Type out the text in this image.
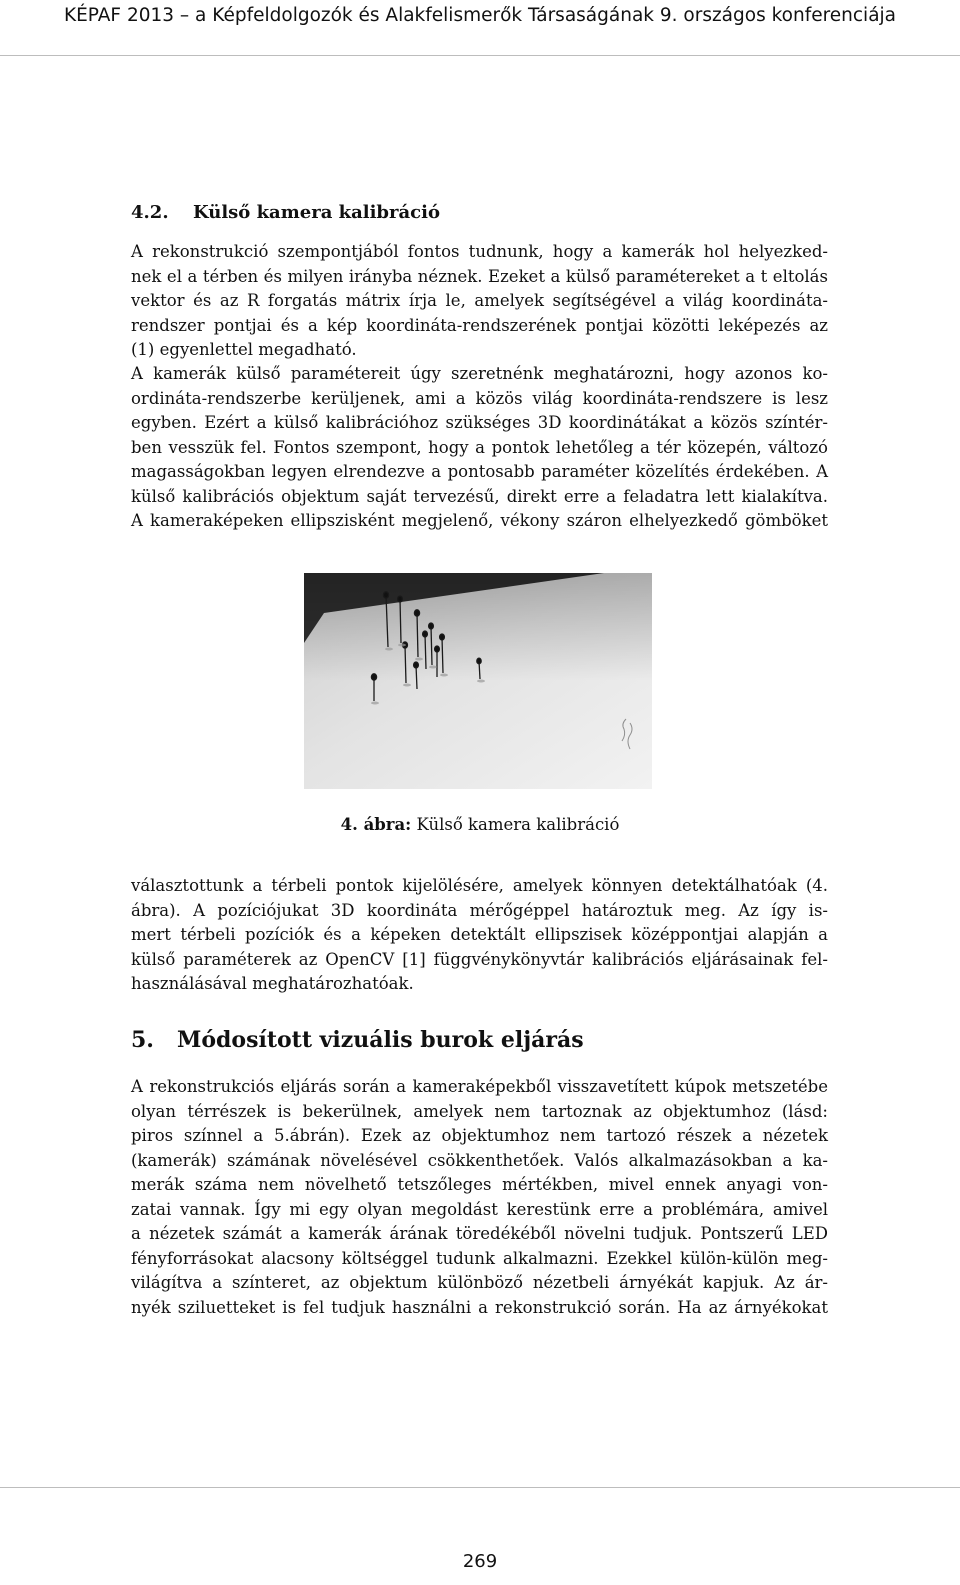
KÉPAF 2013 – a Képfeldolgozók és Alakfelismerők Társaságának 9. országos konferenciája
4.2. Külső kamera kalibráció
A rekonstrukció szempontjából fontos tudnunk, hogy a kamerák hol helyezked-
nek el a térben és milyen irányba néznek. Ezeket a külső paramétereket a t eltolás
vektor és az R forgatás mátrix írja le, amelyek segítségével a világ koordináta-
rendszer pontjai és a kép koordináta-rendszerének pontjai közötti leképezés az
(1) egyenlettel megadható.
A kamerák külső paramétereit úgy szeretnénk meghatározni, hogy azonos ko-
ordináta-rendszerbe kerüljenek, ami a közös világ koordináta-rendszere is lesz
egyben. Ezért a külső kalibrációhoz szükséges 3D koordinátákat a közös színtér-
ben vesszük fel. Fontos szempont, hogy a pontok lehetőleg a tér közepén, változó
magasságokban legyen elrendezve a pontosabb paraméter közelítés érdekében. A
külső kalibrációs objektum saját tervezésű, direkt erre a feladatra lett kialakítva.
A kameraképeken ellipszisként megjelenő, vékony száron elhelyezkedő gömböket
4. ábra: Külső kamera kalibráció
választottunk a térbeli pontok kijelölésére, amelyek könnyen detektálhatóak (4.
ábra). A pozíciójukat 3D koordináta mérőgéppel határoztuk meg. Az így is-
mert térbeli pozíciók és a képeken detektált ellipszisek középpontjai alapján a
külső paraméterek az OpenCV [1] függvénykönyvtár kalibrációs eljárásainak fel-
használásával meghatározhatóak.
5. Módosított vizuális burok eljárás
A rekonstrukciós eljárás során a kameraképekből visszavetített kúpok metszetébe
olyan térrészek is bekerülnek, amelyek nem tartoznak az objektumhoz (lásd:
piros színnel a 5.ábrán). Ezek az objektumhoz nem tartozó részek a nézetek
(kamerák) számának növelésével csökkenthetőek. Valós alkalmazásokban a ka-
merák száma nem növelhető tetszőleges mértékben, mivel ennek anyagi von-
zatai vannak. Így mi egy olyan megoldást kerestünk erre a problémára, amivel
a nézetek számát a kamerák árának töredékéből növelni tudjuk. Pontszerű LED
fényforrásokat alacsony költséggel tudunk alkalmazni. Ezekkel külön-külön meg-
világítva a színteret, az objektum különböző nézetbeli árnyékát kapjuk. Az ár-
nyék sziluetteket is fel tudjuk használni a rekonstrukció során. Ha az árnyékokat
269
